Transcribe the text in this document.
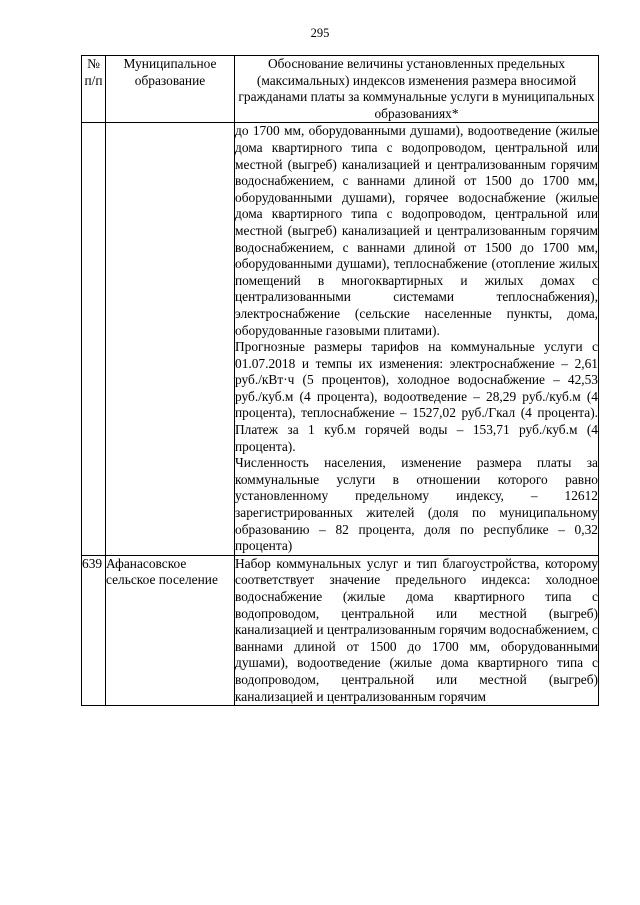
295
№ п/п	Муниципальное образование	Обоснование величины установленных предельных (максимальных) индексов изменения размера вносимой гражданами платы за коммунальные услуги в муниципальных образованиях*

		до 1700 мм, оборудованными душами), водоотведение (жилые дома квартирного типа с водопроводом, центральной или местной (выгреб) канализацией и централизованным горячим водоснабжением, с ваннами длиной от 1500 до 1700 мм, оборудованными душами), горячее водоснабжение (жилые дома квартирного типа с водопроводом, центральной или местной (выгреб) канализацией и централизованным горячим водоснабжением, с ваннами длиной от 1500 до 1700 мм, оборудованными душами), теплоснабжение (отопление жилых помещений в многоквартирных и жилых домах с централизованными системами теплоснабжения), электроснабжение (сельские населенные пункты, дома, оборудованные газовыми плитами).

Прогнозные размеры тарифов на коммунальные услуги с 01.07.2018 и темпы их изменения: электроснабжение – 2,61 руб./кВт·ч (5 процентов), холодное водоснабжение – 42,53 руб./куб.м (4 процента), водоотведение – 28,29 руб./куб.м (4 процента), теплоснабжение – 1527,02 руб./Гкал (4 процента). Платеж за 1 куб.м горячей воды – 153,71 руб./куб.м (4 процента).

Численность населения, изменение размера платы за коммунальные услуги в отношении которого равно установленному предельному индексу, – 12612 зарегистрированных жителей (доля по муниципальному образованию – 82 процента, доля по республике – 0,32 процента)

639	Афанасовское сельское поселение	Набор коммунальных услуг и тип благоустройства, которому соответствует значение предельного индекса: холодное водоснабжение (жилые дома квартирного типа с водопроводом, центральной или местной (выгреб) канализацией и централизованным горячим водоснабжением, с ваннами длиной от 1500 до 1700 мм, оборудованными душами), водоотведение (жилые дома квартирного типа с водопроводом, центральной или местной (выгреб) канализацией и централизованным горячим
